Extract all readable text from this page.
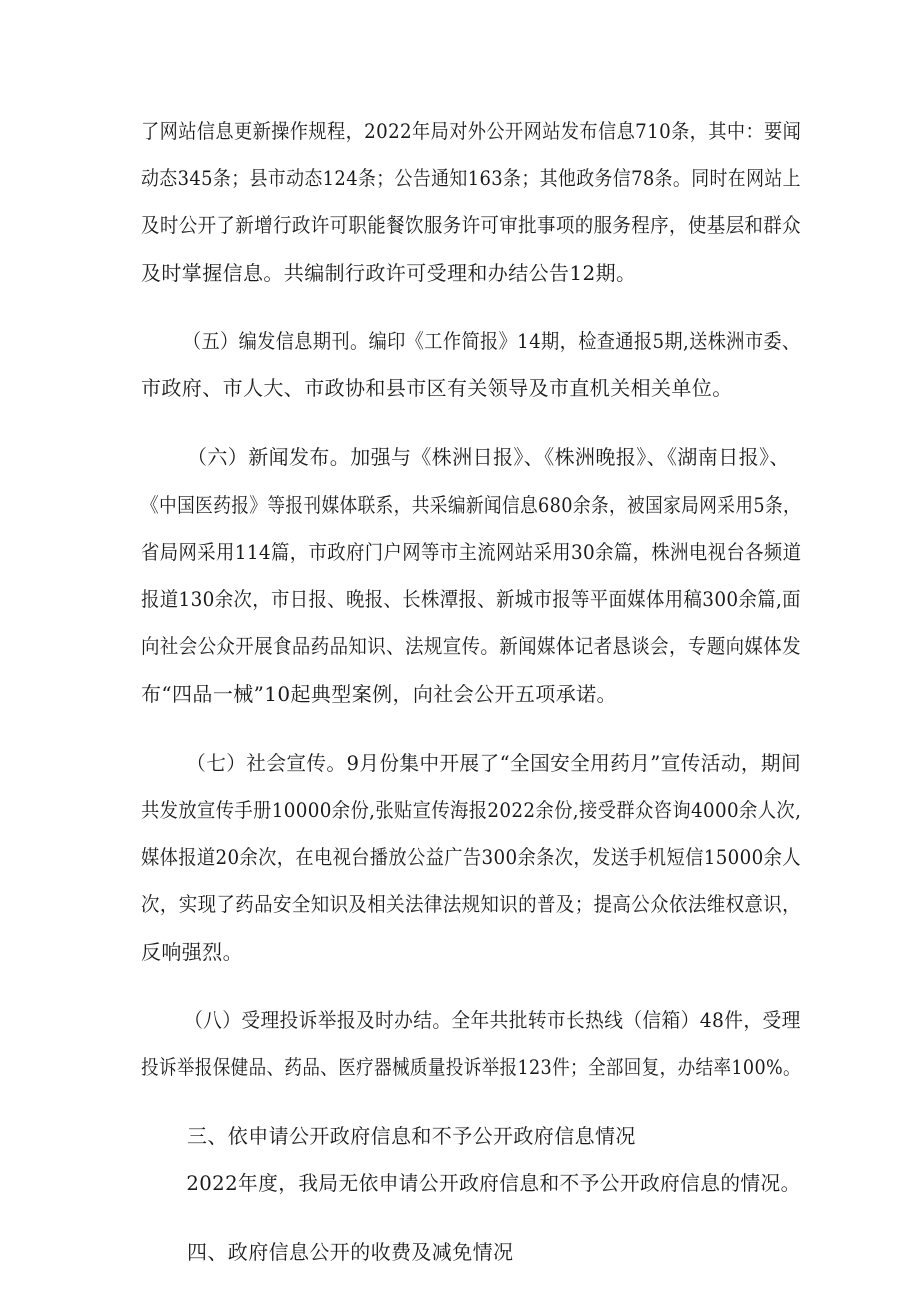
了网站信息更新操作规程，2022年局对外公开网站发布信息710条，其中：要闻

动态345条；县市动态124条；公告通知163条；其他政务信78条。同时在网站上

及时公开了新增行政许可职能餐饮服务许可审批事项的服务程序，使基层和群众

及时掌握信息。共编制行政许可受理和办结公告12期。

（五）编发信息期刊。编印《工作简报》14期，检查通报5期,送株洲市委、

市政府、市人大、市政协和县市区有关领导及市直机关相关单位。

（六）新闻发布。加强与《株洲日报》、《株洲晚报》、《湖南日报》、

《中国医药报》等报刊媒体联系，共采编新闻信息680余条，被国家局网采用5条，

省局网采用114篇，市政府门户网等市主流网站采用30余篇，株洲电视台各频道

报道130余次，市日报、晚报、长株潭报、新城市报等平面媒体用稿300余篇,面

向社会公众开展食品药品知识、法规宣传。新闻媒体记者恳谈会，专题向媒体发

布“四品一械”10起典型案例，向社会公开五项承诺。

（七）社会宣传。9月份集中开展了“全国安全用药月”宣传活动，期间

共发放宣传手册10000余份,张贴宣传海报2022余份,接受群众咨询4000余人次,

媒体报道20余次，在电视台播放公益广告300余条次，发送手机短信15000余人

次，实现了药品安全知识及相关法律法规知识的普及；提高公众依法维权意识，

反响强烈。

（八）受理投诉举报及时办结。全年共批转市长热线（信箱）48件，受理

投诉举报保健品、药品、医疗器械质量投诉举报123件；全部回复，办结率100%。

三、依申请公开政府信息和不予公开政府信息情况

2022年度，我局无依申请公开政府信息和不予公开政府信息的情况。

四、政府信息公开的收费及减免情况
